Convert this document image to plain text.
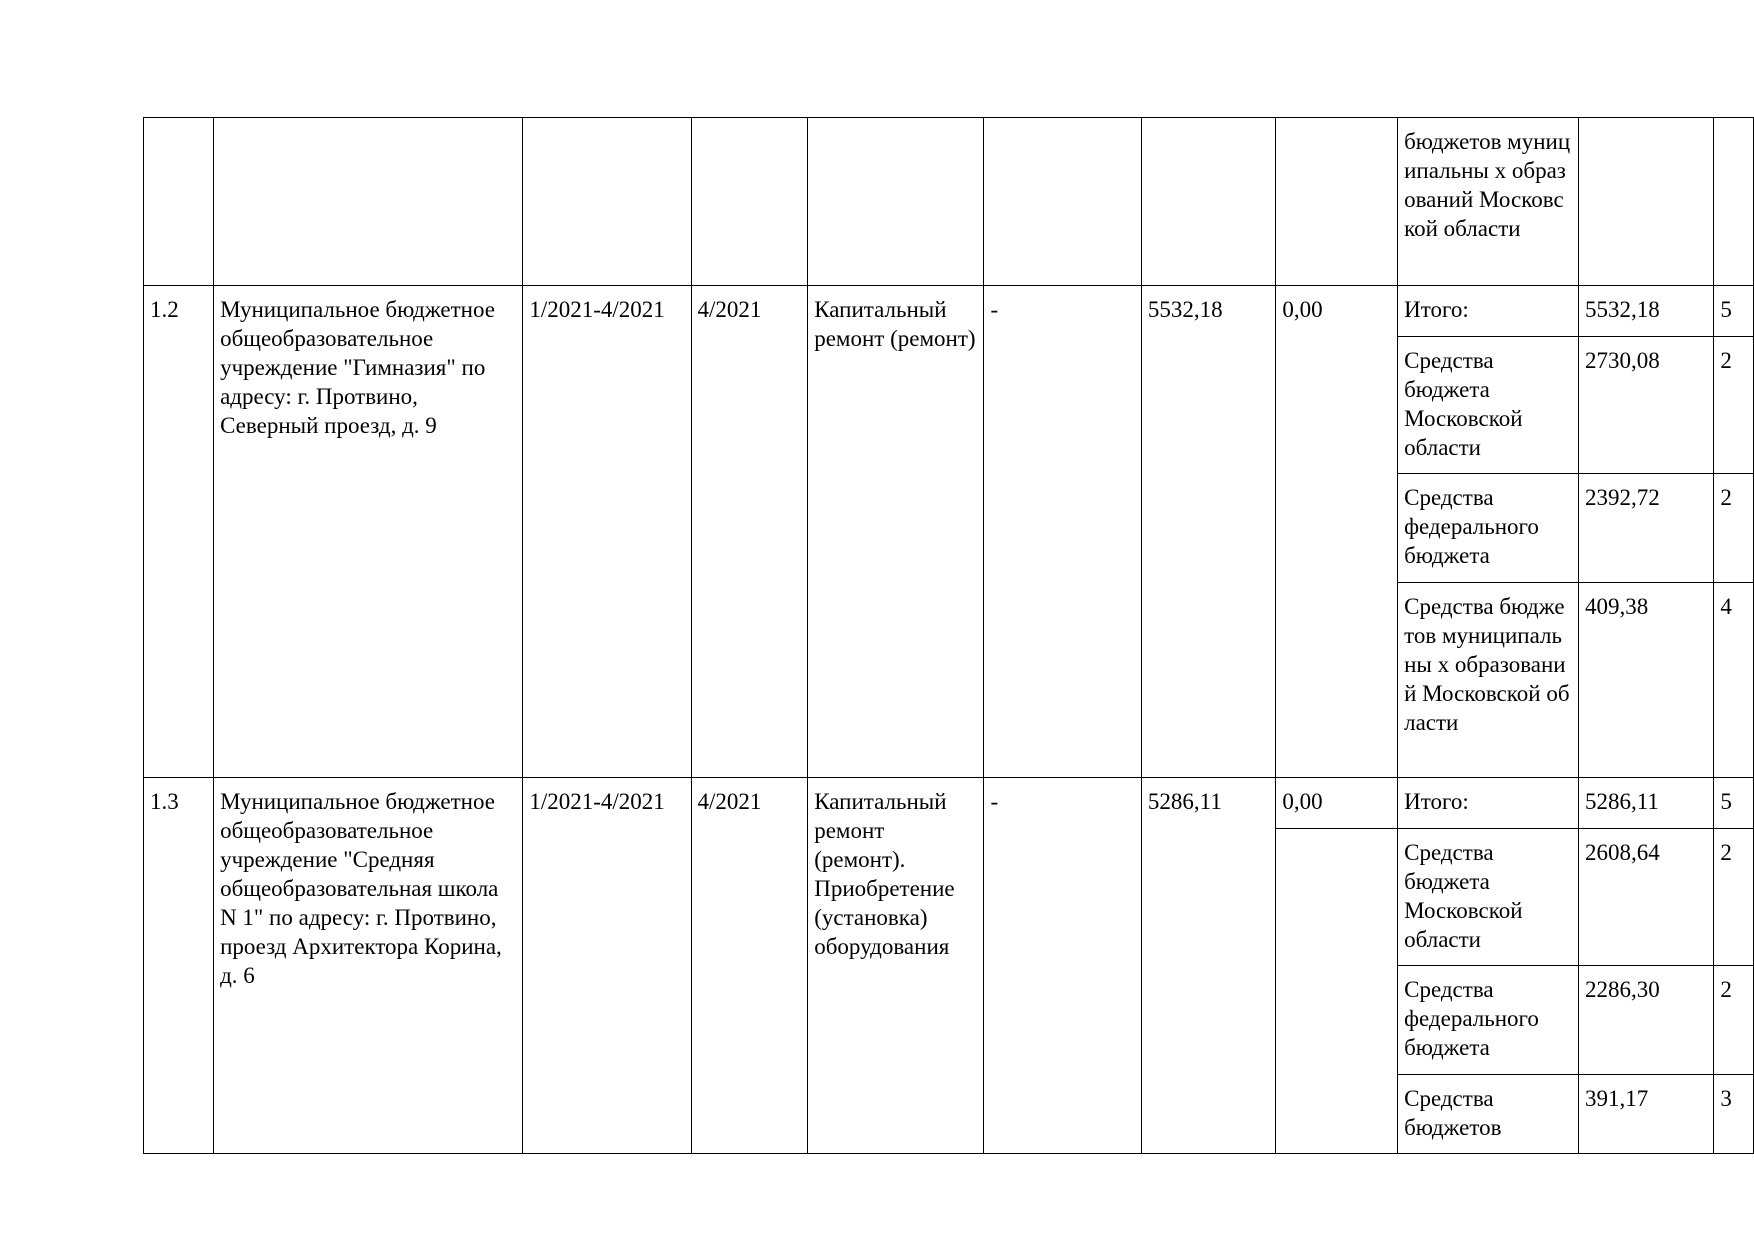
								бюджетов муниципальны х образований Московской области		
1.2	Муниципальное бюджетное общеобразовательное учреждение "Гимназия" по адресу: г. Протвино, Северный проезд, д. 9	1/2021-4/2021	4/2021	Капитальный ремонт (ремонт)	-	5532,18	0,00	Итого:	5532,18	5
								Средства бюджета Московской области	2730,08	2
								Средства федерального бюджета	2392,72	2
								Средства бюджетов муниципальны х образований Московской области	409,38	4
1.3	Муниципальное бюджетное общеобразовательное учреждение "Средняя общеобразовательная школа N 1" по адресу: г. Протвино, проезд Архитектора Корина, д. 6	1/2021-4/2021	4/2021	Капитальный ремонт (ремонт). Приобретение (установка) оборудования	-	5286,11	0,00	Итого:	5286,11	5
								Средства бюджета Московской области	2608,64	2
								Средства федерального бюджета	2286,30	2
								Средства бюджетов	391,17	3
